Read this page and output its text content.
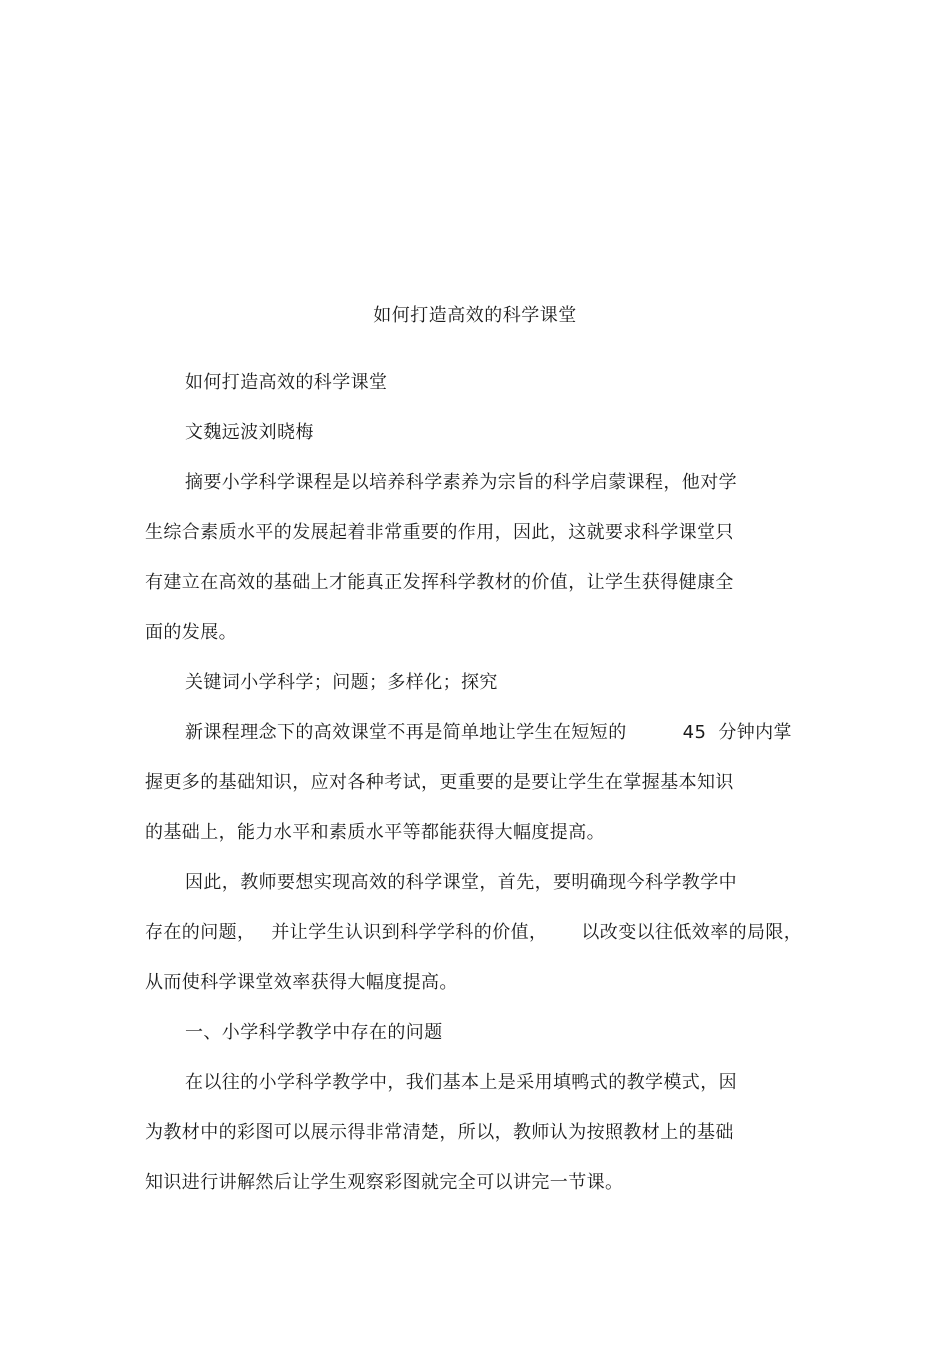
如何打造高效的科学课堂
如何打造高效的科学课堂
文魏远波刘晓梅
摘要小学科学课程是以培养科学素养为宗旨的科学启蒙课程，他对学
生综合素质水平的发展起着非常重要的作用，因此，这就要求科学课堂只
有建立在高效的基础上才能真正发挥科学教材的价值，让学生获得健康全
面的发展。
关键词小学科学；问题；多样化；探究
新课程理念下的高效课堂不再是简单地让学生在短短的	45 分钟内掌
握更多的基础知识，应对各种考试，更重要的是要让学生在掌握基本知识
的基础上，能力水平和素质水平等都能获得大幅度提高。
因此，教师要想实现高效的科学课堂，首先，要明确现今科学教学中
存在的问题， 并让学生认识到科学学科的价值， 以改变以往低效率的局限，
从而使科学课堂效率获得大幅度提高。
一、小学科学教学中存在的问题
在以往的小学科学教学中，我们基本上是采用填鸭式的教学模式，因
为教材中的彩图可以展示得非常清楚，所以，教师认为按照教材上的基础
知识进行讲解然后让学生观察彩图就完全可以讲完一节课。
